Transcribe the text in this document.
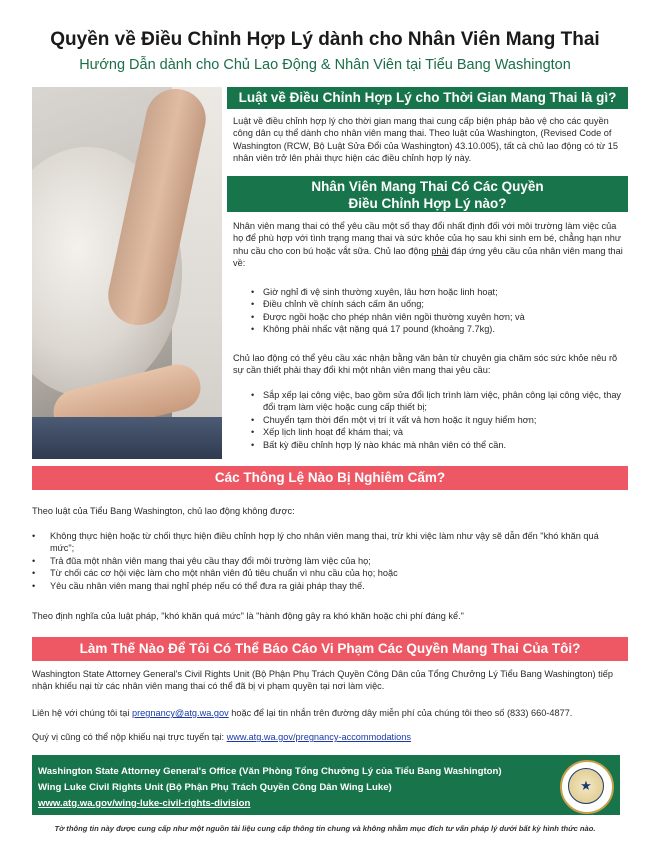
Quyền về Điều Chỉnh Hợp Lý dành cho Nhân Viên Mang Thai
Hướng Dẫn dành cho Chủ Lao Động & Nhân Viên tại Tiểu Bang Washington
Luật về Điều Chỉnh Hợp Lý cho Thời Gian Mang Thai là gì?

Luật về điều chỉnh hợp lý cho thời gian mang thai cung cấp biện pháp bảo vệ cho các quyền công dân cụ thể dành cho nhân viên mang thai. Theo luật của Washington, (Revised Code of Washington (RCW, Bộ Luật Sửa Đổi của Washington) 43.10.005), tất cả chủ lao động có từ 15 nhân viên trở lên phải thực hiện các điều chỉnh hợp lý này.

Nhân Viên Mang Thai Có Các Quyền
Điều Chỉnh Hợp Lý nào?

Nhân viên mang thai có thể yêu cầu một số thay đổi nhất định đối với môi trường làm việc của họ để phù hợp với tình trạng mang thai và sức khỏe của họ sau khi sinh em bé, chẳng hạn như nhu cầu cho con bú hoặc vắt sữa. Chủ lao động phải đáp ứng yêu cầu của nhân viên mang thai về:

• Giờ nghỉ đi vệ sinh thường xuyên, lâu hơn hoặc linh hoạt;
• Điều chỉnh về chính sách cấm ăn uống;
• Được ngồi hoặc cho phép nhân viên ngồi thường xuyên hơn; và
• Không phải nhấc vật nặng quá 17 pound (khoảng 7.7kg).

Chủ lao động có thể yêu cầu xác nhận bằng văn bản từ chuyên gia chăm sóc sức khỏe nêu rõ sự cần thiết phải thay đổi khi một nhân viên mang thai yêu cầu:

• Sắp xếp lại công việc, bao gồm sửa đổi lịch trình làm việc, phân công lại công việc, thay đổi trạm làm việc hoặc cung cấp thiết bị;
• Chuyển tạm thời đến một vị trí ít vất vả hơn hoặc ít nguy hiểm hơn;
• Xếp lịch linh hoạt để khám thai; và
• Bất kỳ điều chỉnh hợp lý nào khác mà nhân viên có thể cần.
Các Thông Lệ Nào Bị Nghiêm Cấm?

Theo luật của Tiểu Bang Washington, chủ lao động không được:

• Không thực hiện hoặc từ chối thực hiện điều chỉnh hợp lý cho nhân viên mang thai, trừ khi việc làm như vậy sẽ dẫn đến "khó khăn quá mức";
• Trả đũa một nhân viên mang thai yêu cầu thay đổi môi trường làm việc của họ;
• Từ chối các cơ hội việc làm cho một nhân viên đủ tiêu chuẩn vì nhu cầu của họ; hoặc
• Yêu cầu nhân viên mang thai nghỉ phép nếu có thể đưa ra giải pháp thay thế.

Theo định nghĩa của luật pháp, "khó khăn quá mức" là "hành động gây ra khó khăn hoặc chi phí đáng kể."

Làm Thế Nào Để Tôi Có Thể Báo Cáo Vi Phạm Các Quyền Mang Thai Của Tôi?

Washington State Attorney General's Civil Rights Unit (Bộ Phận Phụ Trách Quyền Công Dân của Tổng Chưởng Lý Tiểu Bang Washington) tiếp nhận khiếu nại từ các nhân viên mang thai có thể đã bị vi phạm quyền tại nơi làm việc.

Liên hệ với chúng tôi tại pregnancy@atg.wa.gov hoặc để lại tin nhắn trên đường dây miễn phí của chúng tôi theo số (833) 660-4877.

Quý vị cũng có thể nộp khiếu nại trực tuyến tại: www.atg.wa.gov/pregnancy-accommodations

Washington State Attorney General's Office (Văn Phòng Tổng Chưởng Lý của Tiểu Bang Washington)
Wing Luke Civil Rights Unit (Bộ Phận Phụ Trách Quyền Công Dân Wing Luke)
www.atg.wa.gov/wing-luke-civil-rights-division
★
Tờ thông tin này được cung cấp như một nguồn tài liệu cung cấp thông tin chung và không nhằm mục đích tư vấn pháp lý dưới bất kỳ hình thức nào.
